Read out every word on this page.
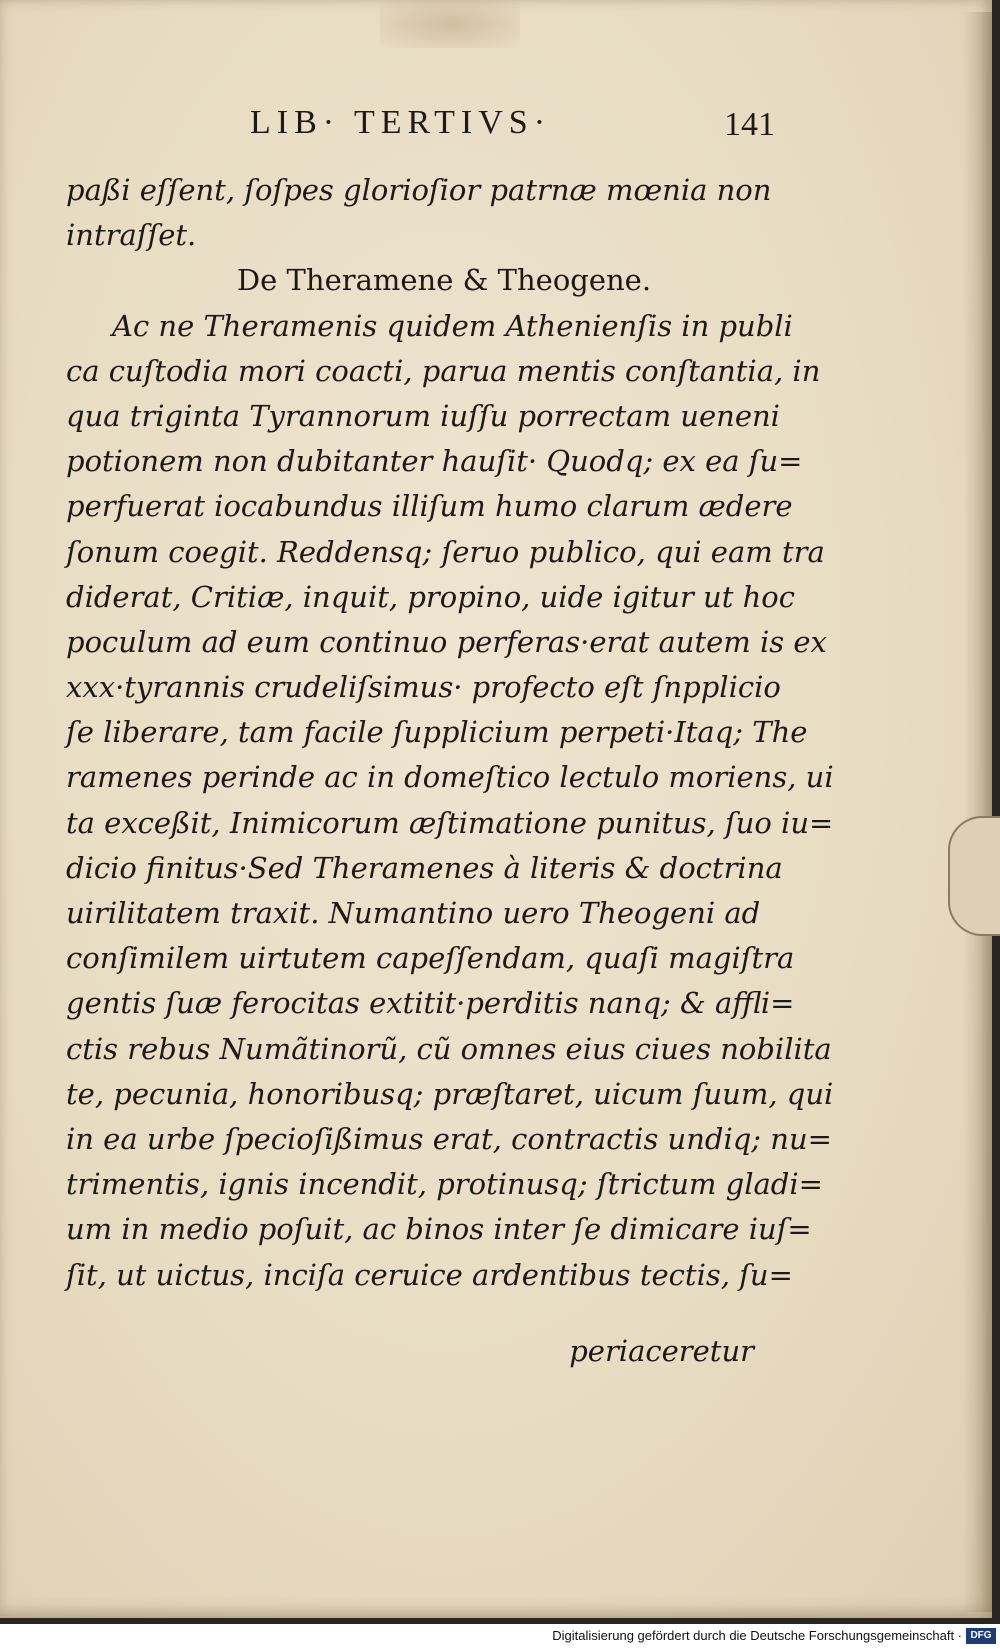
LIB· TERTIVS·	141
paßi eſſent, ſoſpes glorioſior patrnæ mœnia non
intraſſet.
De Theramene & Theogene.
Ac ne Theramenis quidem Athenienſis in publi
ca cuſtodia mori coacti, parua mentis conſtantia, in
qua triginta Tyrannorum iuſſu porrectam ueneni
potionem non dubitanter hauſit· Quodq; ex ea ſu=
perfuerat iocabundus illiſum humo clarum ædere
ſonum coegit. Reddensq; ſeruo publico, qui eam tra
diderat, Critiæ, inquit, propino, uide igitur ut hoc
poculum ad eum continuo perferas·erat autem is ex
xxx·tyrannis crudeliſsimus· profecto eſt ſnpplicio
ſe liberare, tam facile ſupplicium perpeti·Itaq; The
ramenes perinde ac in domeſtico lectulo moriens, ui
ta exceßit, Inimicorum æſtimatione punitus, ſuo iu=
dicio finitus·Sed Theramenes à literis & doctrina
uirilitatem traxit. Numantino uero Theogeni ad
conſimilem uirtutem capeſſendam, quaſi magiſtra
gentis ſuæ ferocitas extitit·perditis nanq; & affli=
ctis rebus Numãtinorũ, cũ omnes eius ciues nobilita
te, pecunia, honoribusq; præſtaret, uicum ſuum, qui
in ea urbe ſpecioſißimus erat, contractis undiq; nu=
trimentis, ignis incendit, protinusq; ſtrictum gladi=
um in medio poſuit, ac binos inter ſe dimicare iuſ=
ſit, ut uictus, inciſa ceruice ardentibus tectis, ſu=
periaceretur
Digitalisierung gefördert durch die Deutsche Forschungsgemeinschaft · DFG
